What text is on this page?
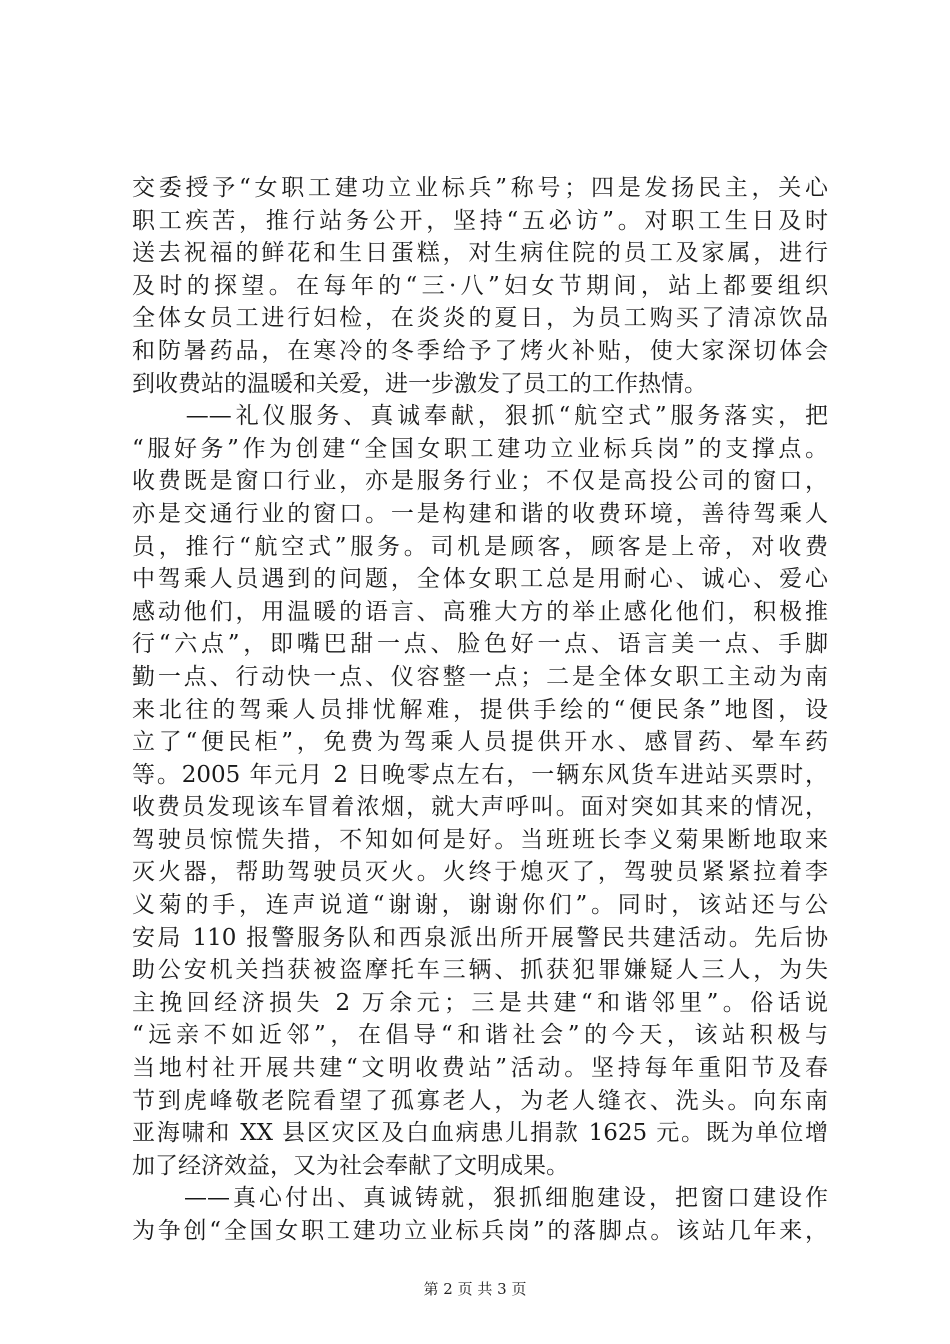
交委授予“女职工建功立业标兵”称号；四是发扬民主，关心
职工疾苦，推行站务公开，坚持“五必访”。对职工生日及时
送去祝福的鲜花和生日蛋糕，对生病住院的员工及家属，进行
及时的探望。在每年的“三·八”妇女节期间，站上都要组织
全体女员工进行妇检，在炎炎的夏日，为员工购买了清凉饮品
和防暑药品，在寒冷的冬季给予了烤火补贴，使大家深切体会
到收费站的温暖和关爱，进一步激发了员工的工作热情。
　　——礼仪服务、真诚奉献，狠抓“航空式”服务落实，把
“服好务”作为创建“全国女职工建功立业标兵岗”的支撑点。
收费既是窗口行业，亦是服务行业；不仅是高投公司的窗口，
亦是交通行业的窗口。一是构建和谐的收费环境，善待驾乘人
员，推行“航空式”服务。司机是顾客，顾客是上帝，对收费
中驾乘人员遇到的问题，全体女职工总是用耐心、诚心、爱心
感动他们，用温暖的语言、高雅大方的举止感化他们，积极推
行“六点”，即嘴巴甜一点、脸色好一点、语言美一点、手脚
勤一点、行动快一点、仪容整一点；二是全体女职工主动为南
来北往的驾乘人员排忧解难，提供手绘的“便民条”地图，设
立了“便民柜”，免费为驾乘人员提供开水、感冒药、晕车药
等。2005 年元月 2 日晚零点左右，一辆东风货车进站买票时，
收费员发现该车冒着浓烟，就大声呼叫。面对突如其来的情况，
驾驶员惊慌失措，不知如何是好。当班班长李义菊果断地取来
灭火器，帮助驾驶员灭火。火终于熄灭了，驾驶员紧紧拉着李
义菊的手，连声说道“谢谢，谢谢你们”。同时，该站还与公
安局 110 报警服务队和西泉派出所开展警民共建活动。先后协
助公安机关挡获被盗摩托车三辆、抓获犯罪嫌疑人三人，为失
主挽回经济损失 2 万余元；三是共建“和谐邻里”。俗话说
“远亲不如近邻”，在倡导“和谐社会”的今天，该站积极与
当地村社开展共建“文明收费站”活动。坚持每年重阳节及春
节到虎峰敬老院看望了孤寡老人，为老人缝衣、洗头。向东南
亚海啸和 XX 县区灾区及白血病患儿捐款 1625 元。既为单位增
加了经济效益，又为社会奉献了文明成果。
　　——真心付出、真诚铸就，狠抓细胞建设，把窗口建设作
为争创“全国女职工建功立业标兵岗”的落脚点。该站几年来，
第 2 页 共 3 页
